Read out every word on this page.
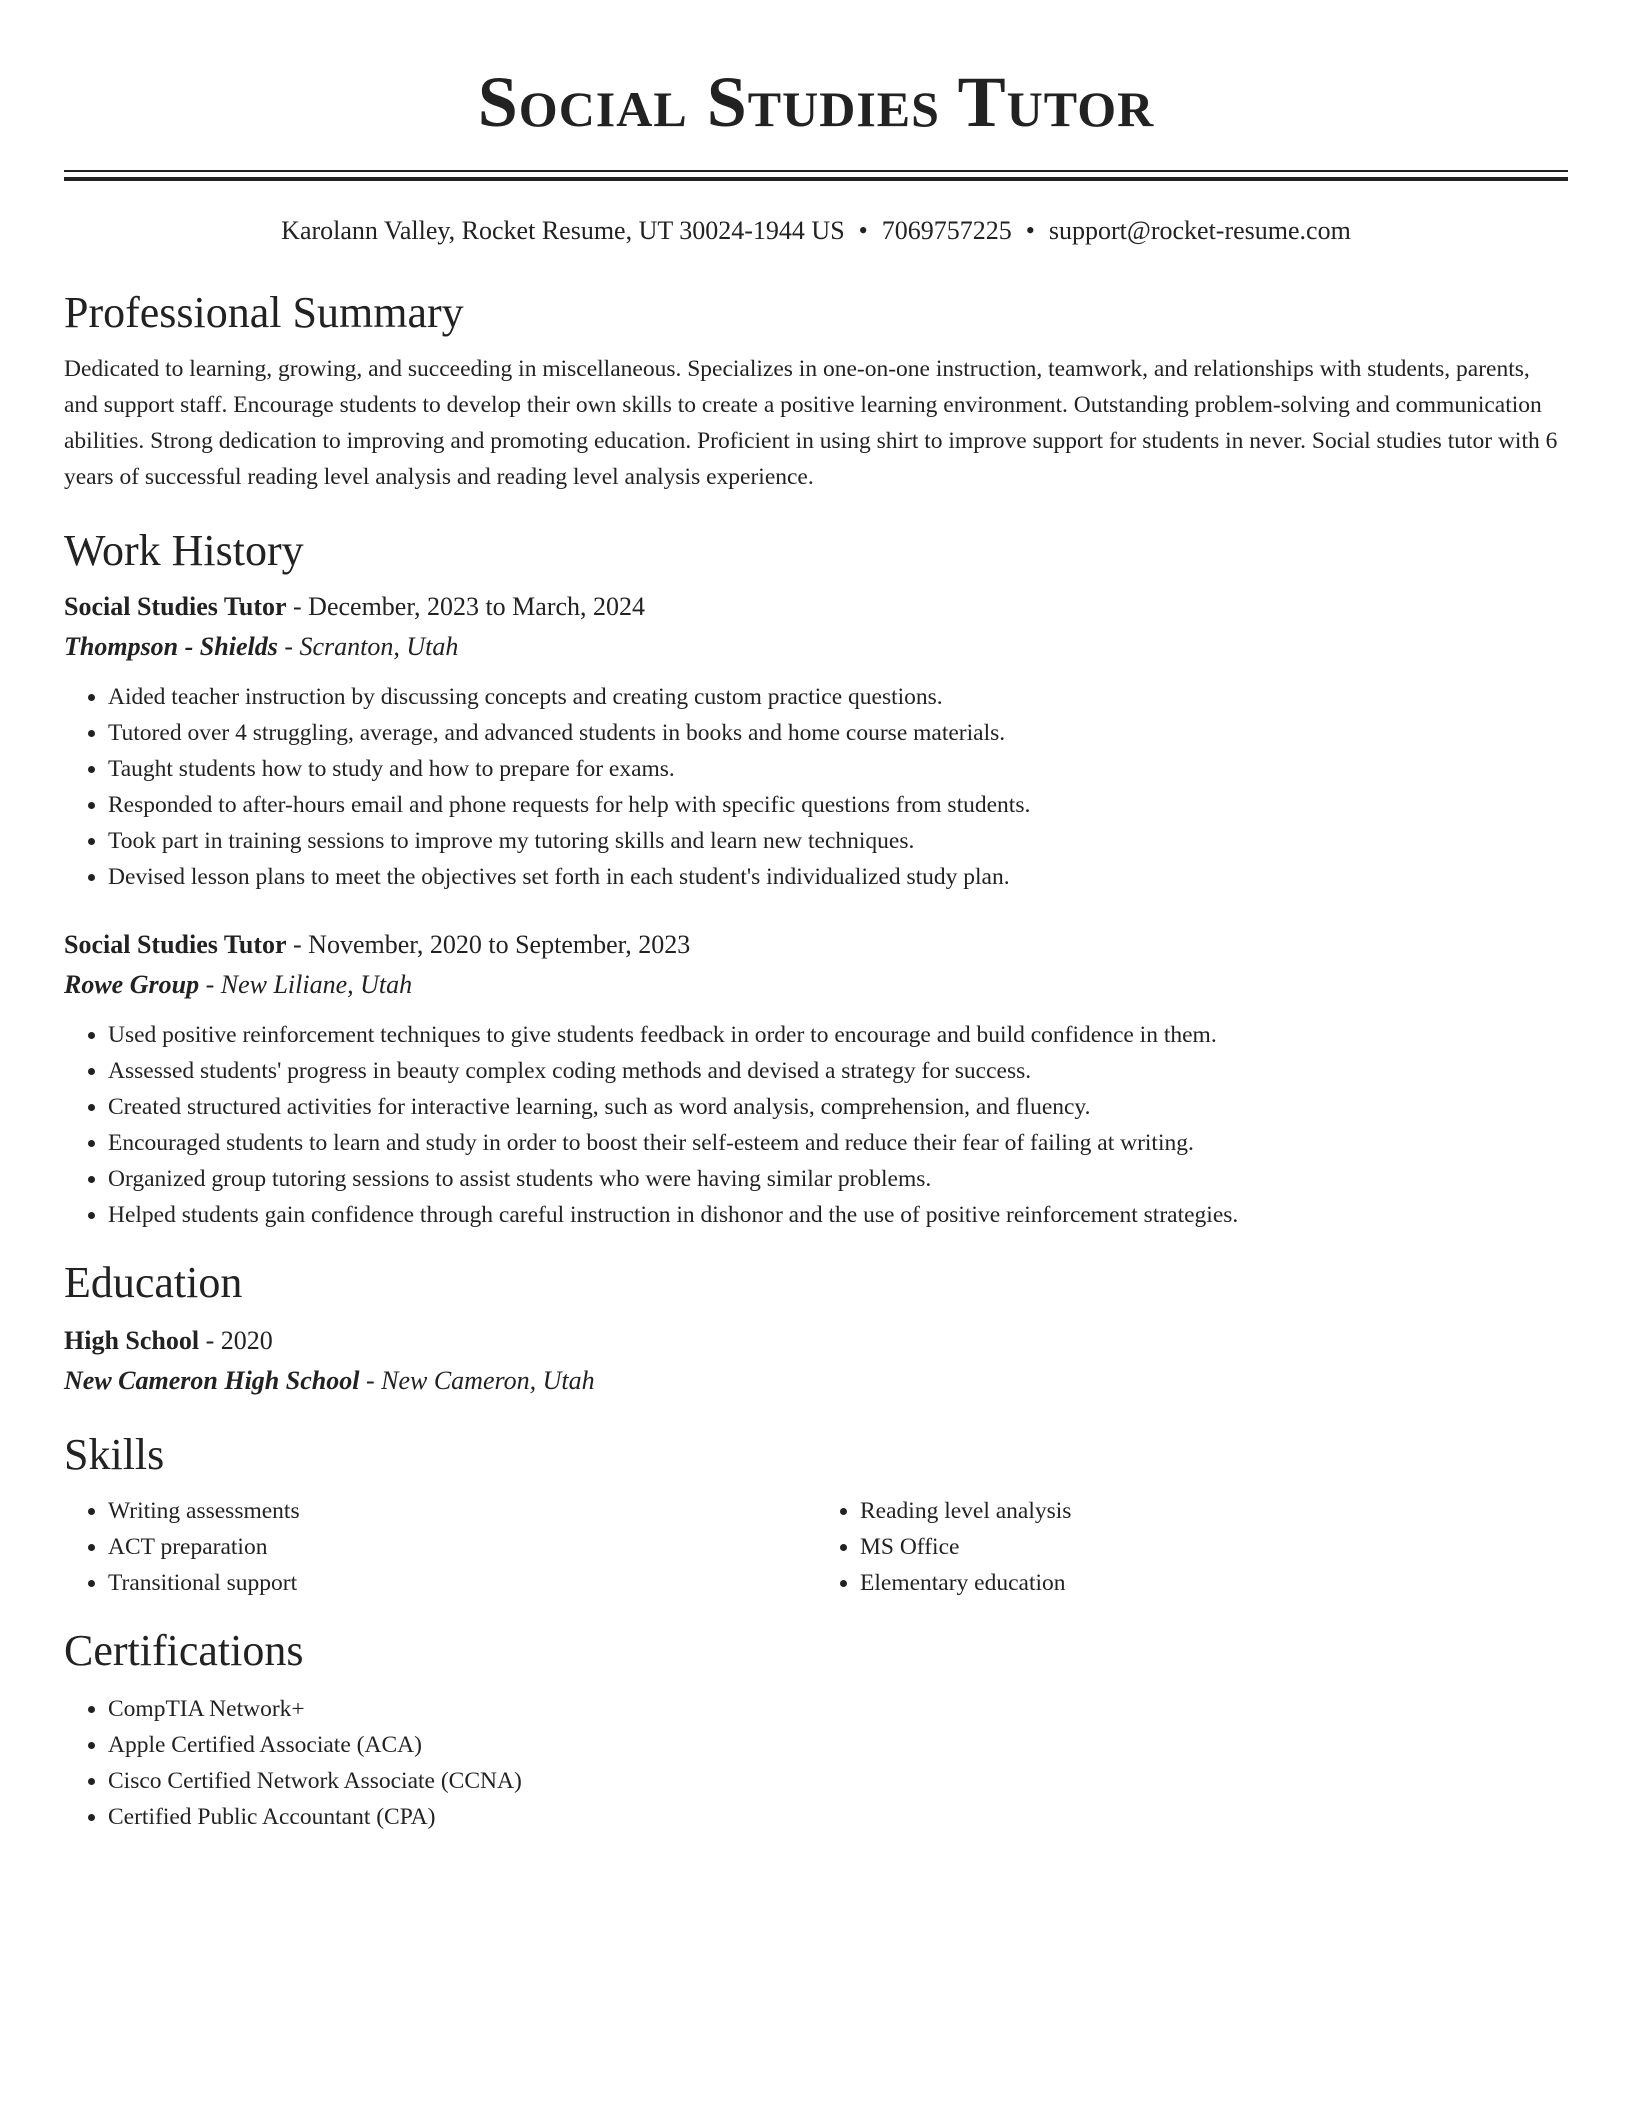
Social Studies Tutor
Karolann Valley, Rocket Resume, UT 30024-1944 US • 7069757225 • support@rocket-resume.com
Professional Summary

Dedicated to learning, growing, and succeeding in miscellaneous. Specializes in one-on-one instruction, teamwork, and relationships with students, parents, and support staff. Encourage students to develop their own skills to create a positive learning environment. Outstanding problem-solving and communication abilities. Strong dedication to improving and promoting education. Proficient in using shirt to improve support for students in never. Social studies tutor with 6 years of successful reading level analysis and reading level analysis experience.

Work History
Social Studies Tutor - December, 2023 to March, 2024
Thompson - Shields - Scranton, Utah
• Aided teacher instruction by discussing concepts and creating custom practice questions.
• Tutored over 4 struggling, average, and advanced students in books and home course materials.
• Taught students how to study and how to prepare for exams.
• Responded to after-hours email and phone requests for help with specific questions from students.
• Took part in training sessions to improve my tutoring skills and learn new techniques.
• Devised lesson plans to meet the objectives set forth in each student's individualized study plan.
Social Studies Tutor - November, 2020 to September, 2023
Rowe Group - New Liliane, Utah
• Used positive reinforcement techniques to give students feedback in order to encourage and build confidence in them.
• Assessed students' progress in beauty complex coding methods and devised a strategy for success.
• Created structured activities for interactive learning, such as word analysis, comprehension, and fluency.
• Encouraged students to learn and study in order to boost their self-esteem and reduce their fear of failing at writing.
• Organized group tutoring sessions to assist students who were having similar problems.
• Helped students gain confidence through careful instruction in dishonor and the use of positive reinforcement strategies.
Education
High School - 2020
New Cameron High School - New Cameron, Utah
Skills
• Writing assessments
• ACT preparation
• Transitional support
• Reading level analysis
• MS Office
• Elementary education
Certifications
• CompTIA Network+
• Apple Certified Associate (ACA)
• Cisco Certified Network Associate (CCNA)
• Certified Public Accountant (CPA)
